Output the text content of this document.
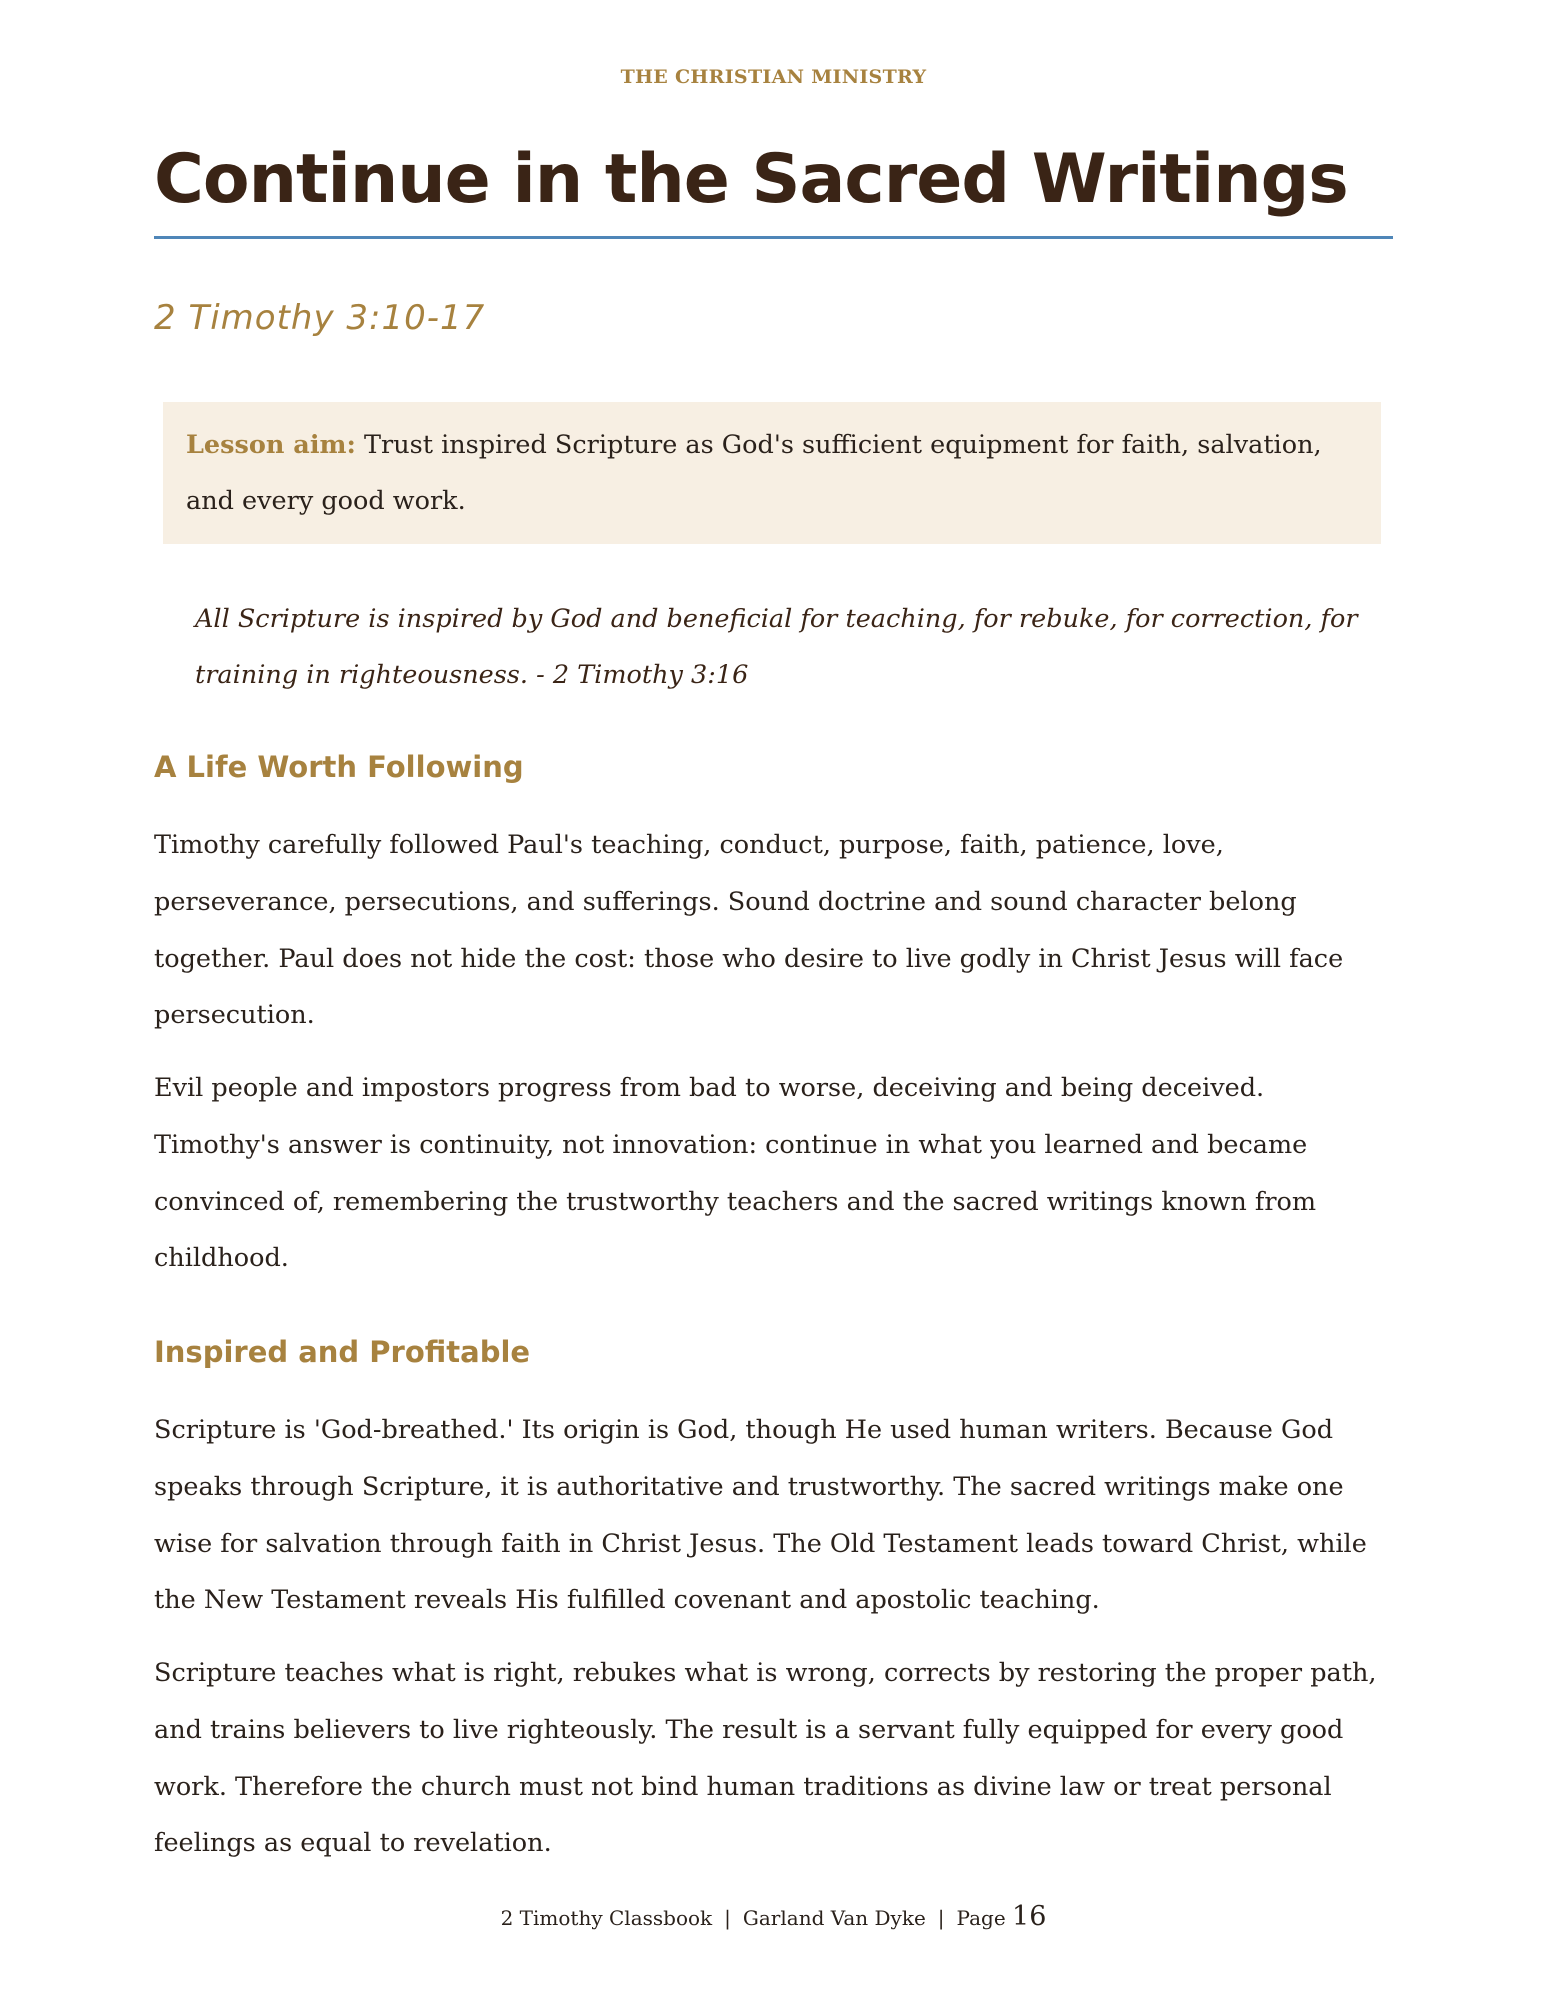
THE CHRISTIAN MINISTRY
Continue in the Sacred Writings
2 Timothy 3:10-17
Lesson aim: Trust inspired Scripture as God's sufficient equipment for faith, salvation, and every good work.
All Scripture is inspired by God and beneficial for teaching, for rebuke, for correction, for training in righteousness. - 2 Timothy 3:16
A Life Worth Following

Timothy carefully followed Paul's teaching, conduct, purpose, faith, patience, love, perseverance, persecutions, and sufferings. Sound doctrine and sound character belong together. Paul does not hide the cost: those who desire to live godly in Christ Jesus will face persecution.

Evil people and impostors progress from bad to worse, deceiving and being deceived. Timothy's answer is continuity, not innovation: continue in what you learned and became convinced of, remembering the trustworthy teachers and the sacred writings known from childhood.

Inspired and Profitable

Scripture is 'God-breathed.' Its origin is God, though He used human writers. Because God speaks through Scripture, it is authoritative and trustworthy. The sacred writings make one wise for salvation through faith in Christ Jesus. The Old Testament leads toward Christ, while the New Testament reveals His fulfilled covenant and apostolic teaching.

Scripture teaches what is right, rebukes what is wrong, corrects by restoring the proper path, and trains believers to live righteously. The result is a servant fully equipped for every good work. Therefore the church must not bind human traditions as divine law or treat personal feelings as equal to revelation.

2 Timothy Classbook | Garland Van Dyke | Page 16
